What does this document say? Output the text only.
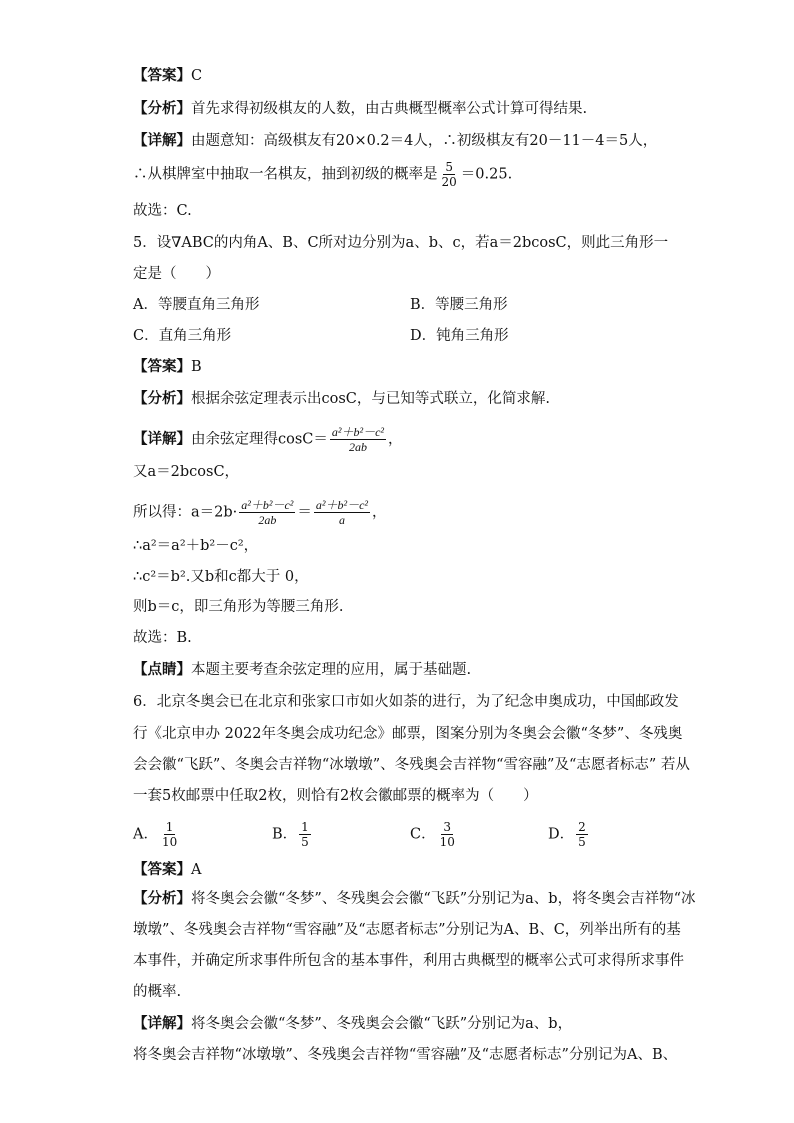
【答案】C
【分析】首先求得初级棋友的人数，由古典概型概率公式计算可得结果.
【详解】由题意知：高级棋友有20×0.2＝4人，∴初级棋友有20－11－4＝5人，
∴从棋牌室中抽取一名棋友，抽到初级的概率是 $\frac{5}{20} =0.25$.
故选：C.
5．设∇ABC的内角A、B、C所对边分别为a、b、c，若a＝2bcosC，则此三角形一
定是（　　）
A．等腰直角三角形	B．等腰三角形
C．直角三角形	D．钝角三角形
【答案】B
【分析】根据余弦定理表示出cosC，与已知等式联立，化简求解.
【详解】由余弦定理得$\cos C= \frac{\text{a²＋b²－c²}}{2ab}$ ，
又a＝2bcosC，
所以得：$a=2b\cdot \frac{\text{a²＋b²－c²}}{2ab} = \frac{\text{a²＋b²－c²}}{a}$ ，
∴a²＝a²＋b²－c²，
∴c²＝b².又b和c都大于 0，
则b＝c，即三角形为等腰三角形.
故选：B.
【点睛】本题主要考查余弦定理的应用，属于基础题.
6．北京冬奥会已在北京和张家口市如火如荼的进行，为了纪念申奥成功，中国邮政发
行《北京申办 2022年冬奥会成功纪念》邮票，图案分别为冬奥会会徽“冬梦”、冬残奥
会会徽“飞跃”、冬奥会吉祥物“冰墩墩”、冬残奥会吉祥物“雪容融”及“志愿者标志” 若从
一套5枚邮票中任取2枚，则恰有2枚会徽邮票的概率为（　　）
A． $\frac{1}{10}$	B． $\frac{1}{5}$	C． $\frac{3}{10}$	D． $\frac{2}{5}$
【答案】A
【分析】将冬奥会会徽“冬梦”、冬残奥会会徽“飞跃”分别记为a、b，将冬奥会吉祥物“冰
墩墩”、冬残奥会吉祥物“雪容融”及“志愿者标志”分别记为A、B、C，列举出所有的基
本事件，并确定所求事件所包含的基本事件，利用古典概型的概率公式可求得所求事件
的概率.
【详解】将冬奥会会徽“冬梦”、冬残奥会会徽“飞跃”分别记为a、b，
将冬奥会吉祥物“冰墩墩”、冬残奥会吉祥物“雪容融”及“志愿者标志”分别记为A、B、
